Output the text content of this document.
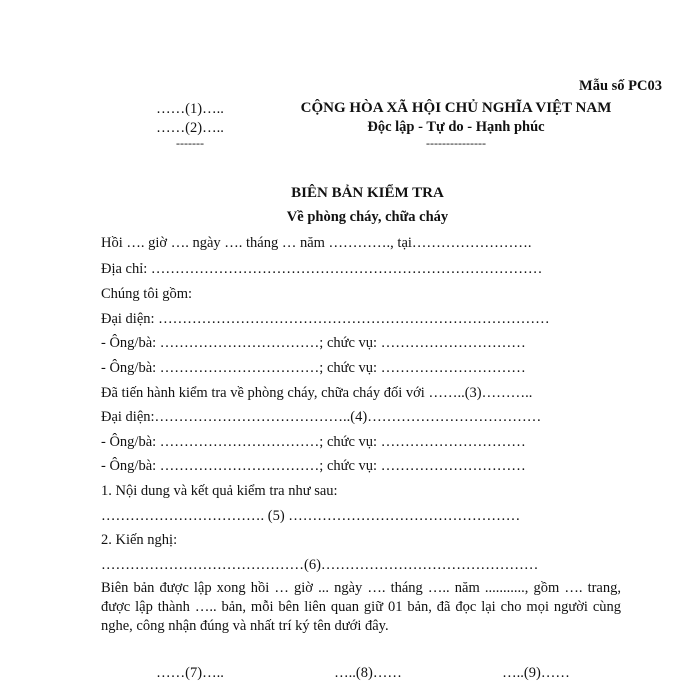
Mẫu số PC03
……(1)…..
……(2)…..
-------
CỘNG HÒA XÃ HỘI CHỦ NGHĨA VIỆT NAM
Độc lập - Tự do - Hạnh phúc
---------------
BIÊN BẢN KIỂM TRA
Về phòng cháy, chữa cháy
Hồi …. giờ …. ngày …. tháng … năm …………., tại…………………….
Địa chỉ: ………………………………………………………………………
Chúng tôi gồm:
Đại diện: ………………………………………………………………………
- Ông/bà: ……………………………; chức vụ: …………………………
- Ông/bà: ……………………………; chức vụ: …………………………
Đã tiến hành kiểm tra về phòng cháy, chữa cháy đối với ……..(3)………..
Đại diện:…………………………………..(4)………………………………
- Ông/bà: ……………………………; chức vụ: …………………………
- Ông/bà: ……………………………; chức vụ: …………………………
1. Nội dung và kết quả kiểm tra như sau:
……………………………. (5) …………………………………………
2. Kiến nghị:
……………………………………(6)………………………………………
Biên bản được lập xong hồi … giờ ... ngày …. tháng ….. năm ..........., gồm …. trang, được lập thành ….. bản, mỗi bên liên quan giữ 01 bản, đã đọc lại cho mọi người cùng nghe, công nhận đúng và nhất trí ký tên dưới đây.
……(7)…..	…..(8)……	…..(9)……
